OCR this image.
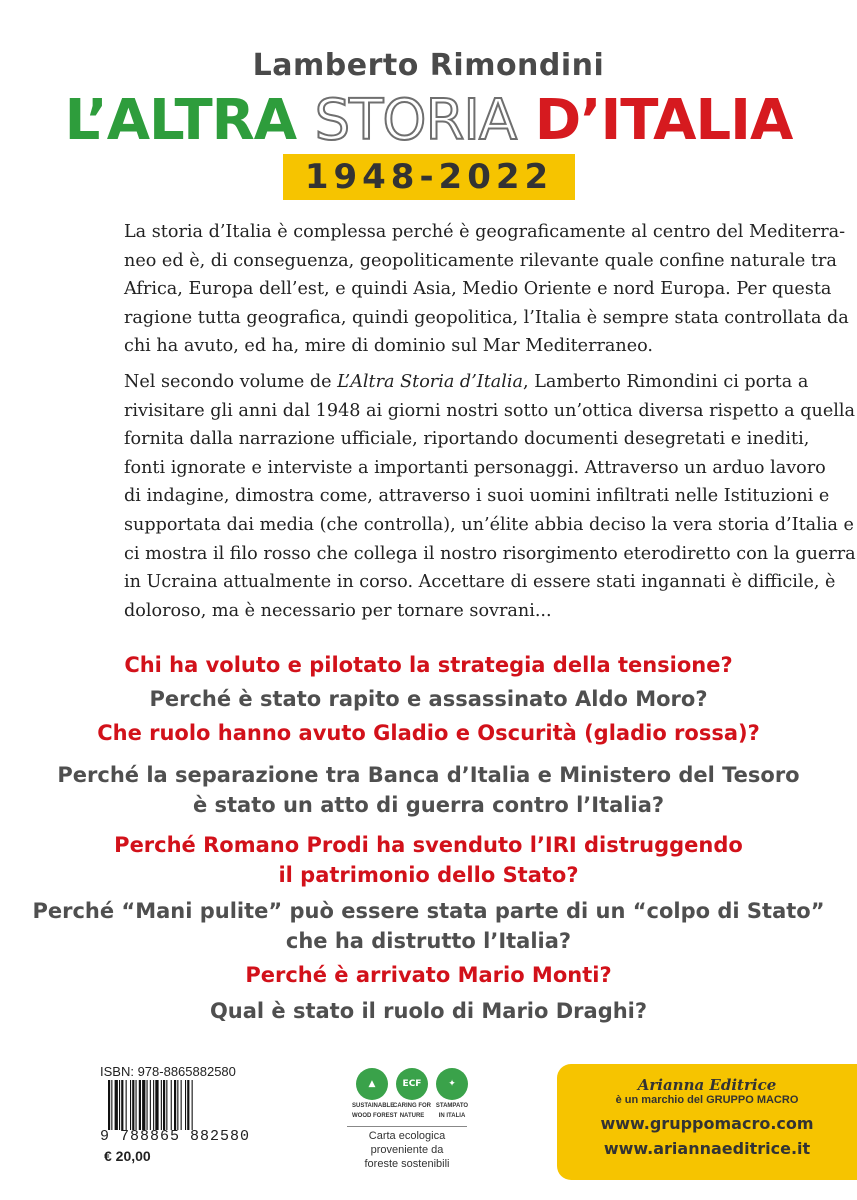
Lamberto Rimondini
L’ALTRA STORIA D’ITALIA
1948-2022
La storia d’Italia è complessa perché è geograficamente al centro del Mediterra-
neo ed è, di conseguenza, geopoliticamente rilevante quale confine naturale tra
Africa, Europa dell’est, e quindi Asia, Medio Oriente e nord Europa. Per questa
ragione tutta geografica, quindi geopolitica, l’Italia è sempre stata controllata da
chi ha avuto, ed ha, mire di dominio sul Mar Mediterraneo.
Nel secondo volume de L’Altra Storia d’Italia, Lamberto Rimondini ci porta a
rivisitare gli anni dal 1948 ai giorni nostri sotto un’ottica diversa rispetto a quella
fornita dalla narrazione ufficiale, riportando documenti desegretati e inediti,
fonti ignorate e interviste a importanti personaggi. Attraverso un arduo lavoro
di indagine, dimostra come, attraverso i suoi uomini infiltrati nelle Istituzioni e
supportata dai media (che controlla), un’élite abbia deciso la vera storia d’Italia e
ci mostra il filo rosso che collega il nostro risorgimento eterodiretto con la guerra
in Ucraina attualmente in corso. Accettare di essere stati ingannati è difficile, è
doloroso, ma è necessario per tornare sovrani...
Chi ha voluto e pilotato la strategia della tensione?
Perché è stato rapito e assassinato Aldo Moro?
Che ruolo hanno avuto Gladio e Oscurità (gladio rossa)?
Perché la separazione tra Banca d’Italia e Ministero del Tesoro
è stato un atto di guerra contro l’Italia?
Perché Romano Prodi ha svenduto l’IRI distruggendo
il patrimonio dello Stato?
Perché “Mani pulite” può essere stata parte di un “colpo di Stato”
che ha distrutto l’Italia?
Perché è arrivato Mario Monti?
Qual è stato il ruolo di Mario Draghi?
ISBN: 978-8865882580
9 788865 882580
€ 20,00
▲
SUSTAINABLE
WOOD FOREST
ECF
CARING FOR
NATURE
✦
STAMPATO
IN ITALIA
Carta ecologica
proveniente da
foreste sostenibili
Arianna Editrice
è un marchio del GRUPPO MACRO
www.gruppomacro.com
www.ariannaeditrice.it
